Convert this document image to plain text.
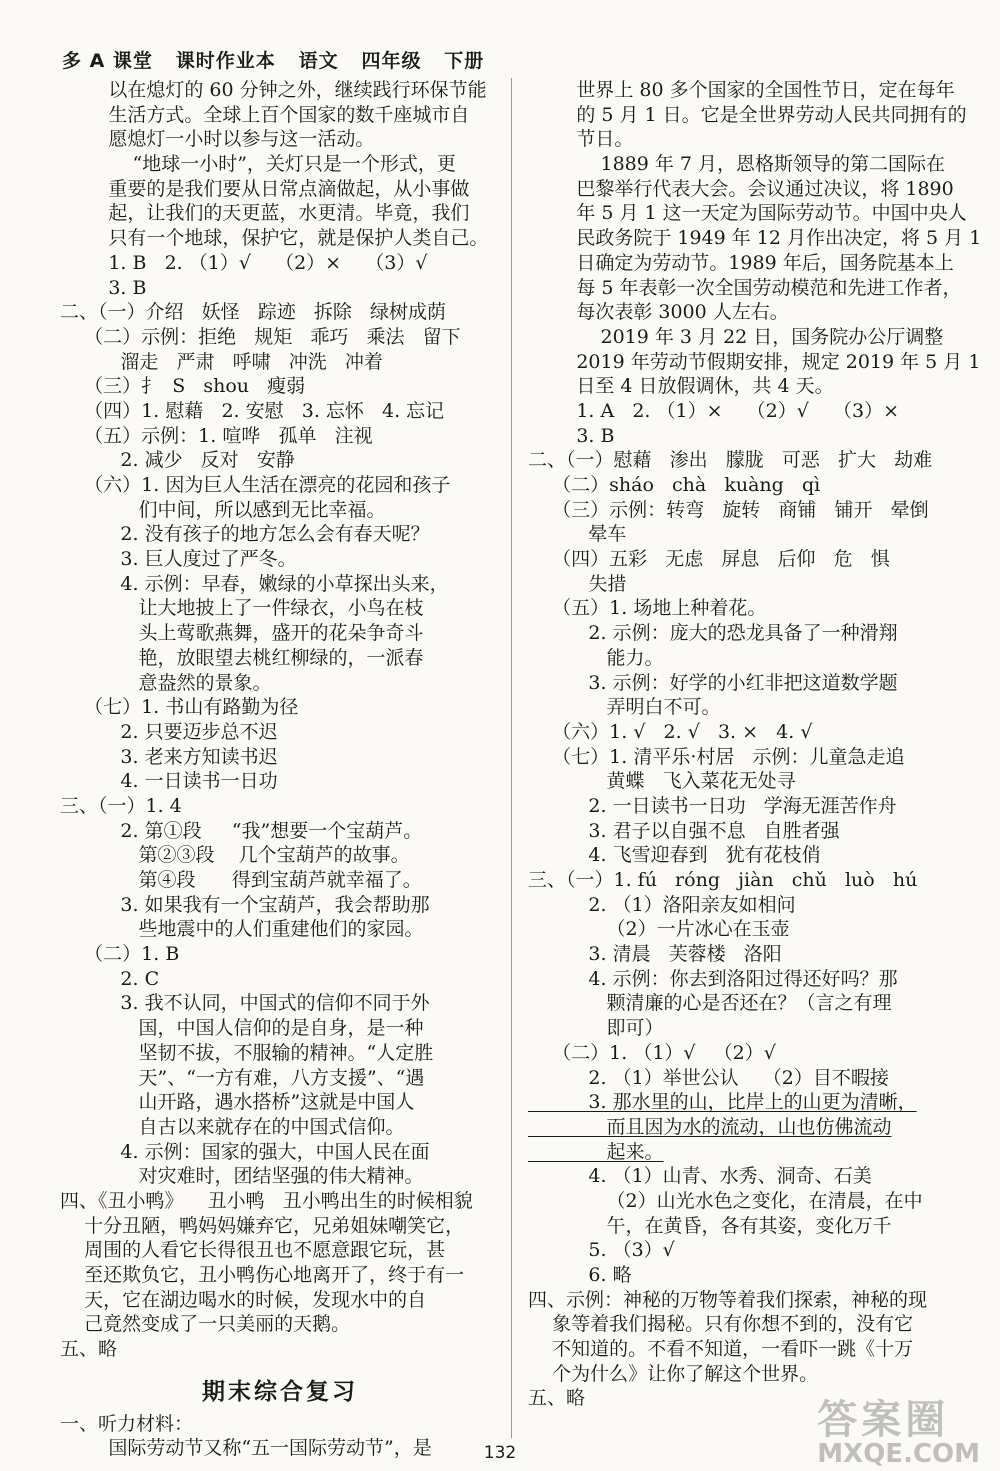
多 A 课堂   课时作业本   语文   四年级   下册
以在熄灯的 60 分钟之外，继续践行环保节能
生活方式。全球上百个国家的数千座城市自
愿熄灯一小时以参与这一活动。
“地球一小时”，关灯只是一个形式，更
重要的是我们要从日常点滴做起，从小事做
起，让我们的天更蓝，水更清。毕竟，我们
只有一个地球，保护它，就是保护人类自己。
1. B   2. （1）√    （2）×    （3）√
3. B
二、（一）介绍   妖怪   踪迹   拆除   绿树成荫
（二）示例：拒绝   规矩   乖巧   乘法   留下
溜走   严肃   呼啸   冲洗   冲着
（三）扌  S   shou   瘦弱
（四）1. 慰藉   2. 安慰   3. 忘怀   4. 忘记
（五）示例：1. 喧哗   孤单   注视
2. 减少   反对   安静
（六）1. 因为巨人生活在漂亮的花园和孩子
们中间，所以感到无比幸福。
2. 没有孩子的地方怎么会有春天呢？
3. 巨人度过了严冬。
4. 示例：早春，嫩绿的小草探出头来，
让大地披上了一件绿衣，小鸟在枝
头上莺歌燕舞，盛开的花朵争奇斗
艳，放眼望去桃红柳绿的，一派春
意盎然的景象。
（七）1. 书山有路勤为径
2. 只要迈步总不迟
3. 老来方知读书迟
4. 一日读书一日功
三、（一）1. 4
2. 第①段     “我”想要一个宝葫芦。
第②③段    几个宝葫芦的故事。
第④段      得到宝葫芦就幸福了。
3. 如果我有一个宝葫芦，我会帮助那
些地震中的人们重建他们的家园。
（二）1. B
2. C
3. 我不认同，中国式的信仰不同于外
国，中国人信仰的是自身，是一种
坚韧不拔，不服输的精神。“人定胜
天”、“一方有难，八方支援”、“遇
山开路，遇水搭桥”这就是中国人
自古以来就存在的中国式信仰。
4. 示例：国家的强大，中国人民在面
对灾难时，团结坚强的伟大精神。
四、《丑小鸭》    丑小鸭   丑小鸭出生的时候相貌
十分丑陋，鸭妈妈嫌弃它，兄弟姐妹嘲笑它，
周围的人看它长得很丑也不愿意跟它玩，甚
至还欺负它，丑小鸭伤心地离开了，终于有一
天，它在湖边喝水的时候，发现水中的自
己竟然变成了一只美丽的天鹅。
五、略
期末综合复习
一、听力材料：
国际劳动节又称“五一国际劳动节”，是
世界上 80 多个国家的全国性节日，定在每年
的 5 月 1 日。它是全世界劳动人民共同拥有的
节日。
1889 年 7 月，恩格斯领导的第二国际在
巴黎举行代表大会。会议通过决议，将 1890
年 5 月 1 这一天定为国际劳动节。中国中央人
民政务院于 1949 年 12 月作出决定，将 5 月 1
日确定为劳动节。1989 年后，国务院基本上
每 5 年表彰一次全国劳动模范和先进工作者，
每次表彰 3000 人左右。
2019 年 3 月 22 日，国务院办公厅调整
2019 年劳动节假期安排，规定 2019 年 5 月 1
日至 4 日放假调休，共 4 天。
1. A   2. （1）×    （2）√    （3）×
3. B
二、（一）慰藉   渗出   朦胧   可恶   扩大   劫难
（二）sháo   chà   kuàng   qì
（三）示例：转弯   旋转   商铺   铺开   晕倒
晕车
（四）五彩   无虑   屏息   后仰   危   惧
失措
（五）1. 场地上种着花。
2. 示例：庞大的恐龙具备了一种滑翔
能力。
3. 示例：好学的小红非把这道数学题
弄明白不可。
（六）1. √   2. √   3. ×   4. √
（七）1. 清平乐·村居   示例：儿童急走追
黄蝶   飞入菜花无处寻
2. 一日读书一日功   学海无涯苦作舟
3. 君子以自强不息   自胜者强
4. 飞雪迎春到   犹有花枝俏
三、（一）1. fú   róng   jiàn   chǔ   luò   hú
2. （1）洛阳亲友如相问
（2）一片冰心在玉壶
3. 清晨   芙蓉楼   洛阳
4. 示例：你去到洛阳过得还好吗？那
颗清廉的心是否还在？（言之有理
即可）
（二）1. （1）√   （2）√
2. （1）举世公认    （2）目不暇接
3. 那水里的山，比岸上的山更为清晰，
而且因为水的流动，山也仿佛流动
起来。
4. （1）山青、水秀、洞奇、石美
（2）山光水色之变化，在清晨，在中
午，在黄昏，各有其姿，变化万千
5. （3）√
6. 略
四、示例：神秘的万物等着我们探索，神秘的现
象等着我们揭秘。只有你想不到的，没有它
不知道的。不看不知道，一看吓一跳《十万
个为什么》让你了解这个世界。
五、略
132
答案圈
MXQE.COM
